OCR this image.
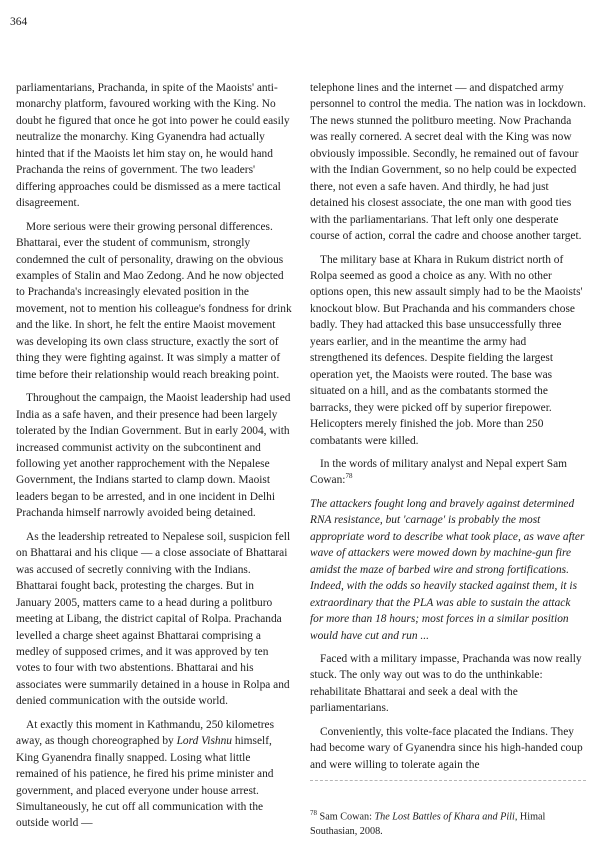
364

parliamentarians, Prachanda, in spite of the Maoists' anti-monarchy platform, favoured working with the King. No doubt he figured that once he got into power he could easily neutralize the monarchy. King Gyanendra had actually hinted that if the Maoists let him stay on, he would hand Prachanda the reins of government. The two leaders' differing approaches could be dismissed as a mere tactical disagreement.

More serious were their growing personal differences. Bhattarai, ever the student of communism, strongly condemned the cult of personality, drawing on the obvious examples of Stalin and Mao Zedong. And he now objected to Prachanda's increasingly elevated position in the movement, not to mention his colleague's fondness for drink and the like. In short, he felt the entire Maoist movement was developing its own class structure, exactly the sort of thing they were fighting against. It was simply a matter of time before their relationship would reach breaking point.

Throughout the campaign, the Maoist leadership had used India as a safe haven, and their presence had been largely tolerated by the Indian Government. But in early 2004, with increased communist activity on the subcontinent and following yet another rapprochement with the Nepalese Government, the Indians started to clamp down. Maoist leaders began to be arrested, and in one incident in Delhi Prachanda himself narrowly avoided being detained.

As the leadership retreated to Nepalese soil, suspicion fell on Bhattarai and his clique — a close associate of Bhattarai was accused of secretly conniving with the Indians. Bhattarai fought back, protesting the charges. But in January 2005, matters came to a head during a politburo meeting at Libang, the district capital of Rolpa. Prachanda levelled a charge sheet against Bhattarai comprising a medley of supposed crimes, and it was approved by ten votes to four with two abstentions. Bhattarai and his associates were summarily detained in a house in Rolpa and denied communication with the outside world.

At exactly this moment in Kathmandu, 250 kilometres away, as though choreographed by Lord Vishnu himself, King Gyanendra finally snapped. Losing what little remained of his patience, he fired his prime minister and government, and placed everyone under house arrest. Simultaneously, he cut off all communication with the outside world —

telephone lines and the internet — and dispatched army personnel to control the media. The nation was in lockdown. The news stunned the politburo meeting. Now Prachanda was really cornered. A secret deal with the King was now obviously impossible. Secondly, he remained out of favour with the Indian Government, so no help could be expected there, not even a safe haven. And thirdly, he had just detained his closest associate, the one man with good ties with the parliamentarians. That left only one desperate course of action, corral the cadre and choose another target.

The military base at Khara in Rukum district north of Rolpa seemed as good a choice as any. With no other options open, this new assault simply had to be the Maoists' knockout blow. But Prachanda and his commanders chose badly. They had attacked this base unsuccessfully three years earlier, and in the meantime the army had strengthened its defences. Despite fielding the largest operation yet, the Maoists were routed. The base was situated on a hill, and as the combatants stormed the barracks, they were picked off by superior firepower. Helicopters merely finished the job. More than 250 combatants were killed.

In the words of military analyst and Nepal expert Sam Cowan:$^{78}$

The attackers fought long and bravely against determined RNA resistance, but 'carnage' is probably the most appropriate word to describe what took place, as wave after wave of attackers were mowed down by machine-gun fire amidst the maze of barbed wire and strong fortifications. Indeed, with the odds so heavily stacked against them, it is extraordinary that the PLA was able to sustain the attack for more than 18 hours; most forces in a similar position would have cut and run ...

Faced with a military impasse, Prachanda was now really stuck. The only way out was to do the unthinkable: rehabilitate Bhattarai and seek a deal with the parliamentarians.

Conveniently, this volte-face placated the Indians. They had become wary of Gyanendra since his high-handed coup and were willing to tolerate again the

$^{78}$ Sam Cowan: The Lost Battles of Khara and Pili, Himal Southasian, 2008.
